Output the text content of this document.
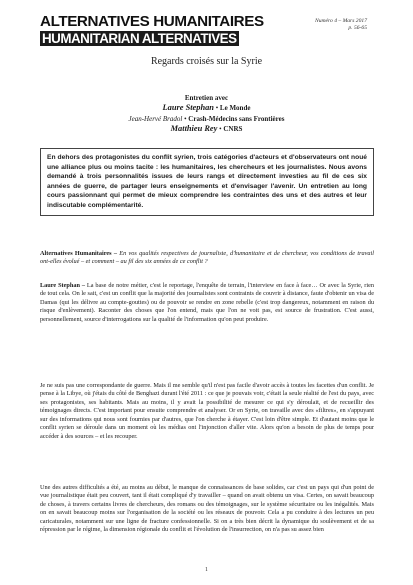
ALTERNATIVES HUMANITAIRES
HUMANITARIAN ALTERNATIVES
Numéro 4 – Mars 2017
p. 56-65
Regards croisés sur la Syrie
Entretien avec
Laure Stephan • Le Monde
Jean-Hervé Bradol • Crash-Médecins sans Frontières
Matthieu Rey • CNRS
En dehors des protagonistes du conflit syrien, trois catégories d'acteurs et d'observateurs ont noué une alliance plus ou moins tacite : les humanitaires, les chercheurs et les journalistes. Nous avons demandé à trois personnalités issues de leurs rangs et directement investies au fil de ces six années de guerre, de partager leurs enseignements et d'envisager l'avenir. Un entretien au long cours passionnant qui permet de mieux comprendre les contraintes des uns et des autres et leur indiscutable complémentarité.
Alternatives Humanitaires – En vos qualités respectives de journaliste, d'humanitaire et de chercheur, vos conditions de travail ont-elles évolué – et comment – au fil des six années de ce conflit ?
Laure Stephan – La base de notre métier, c'est le reportage, l'enquête de terrain, l'interview en face à face… Or avec la Syrie, rien de tout cela. On le sait, c'est un conflit que la majorité des journalistes sont contraints de couvrir à distance, faute d'obtenir un visa de Damas (qui les délivre au compte-gouttes) ou de pouvoir se rendre en zone rebelle (c'est trop dangereux, notamment en raison du risque d'enlèvement). Raconter des choses que l'on entend, mais que l'on ne voit pas, est source de frustration. C'est aussi, personnellement, source d'interrogations sur la qualité de l'information qu'on peut produire.
Je ne suis pas une correspondante de guerre. Mais il me semble qu'il n'est pas facile d'avoir accès à toutes les facettes d'un conflit. Je pense à la Libye, où j'étais du côté de Benghazi durant l'été 2011 : ce que je pouvais voir, c'était la seule réalité de l'est du pays, avec ses protagonistes, ses habitants. Mais au moins, il y avait la possibilité de mesurer ce qui s'y déroulait, et de recueillir des témoignages directs. C'est important pour ensuite comprendre et analyser. Or en Syrie, on travaille avec des «filtres», en s'appuyant sur des informations qui nous sont fournies par d'autres, que l'on cherche à étayer. C'est loin d'être simple. Et d'autant moins que le conflit syrien se déroule dans un moment où les médias ont l'injonction d'aller vite. Alors qu'on a besoin de plus de temps pour accéder à des sources – et les recouper.
Une des autres difficultés a été, au moins au début, le manque de connaissances de base solides, car c'est un pays qui d'un point de vue journalistique était peu couvert, tant il était compliqué d'y travailler – quand on avait obtenu un visa. Certes, on savait beaucoup de choses, à travers certains livres de chercheurs, des romans ou des témoignages, sur le système sécuritaire ou les inégalités. Mais on en savait beaucoup moins sur l'organisation de la société ou les réseaux de pouvoir. Cela a pu conduire à des lectures un peu caricaturales, notamment sur une ligne de fracture confessionnelle. Si on a très bien décrit la dynamique du soulèvement et de sa répression par le régime, la dimension régionale du conflit et l'évolution de l'insurrection, on n'a pas su assez bien
1
